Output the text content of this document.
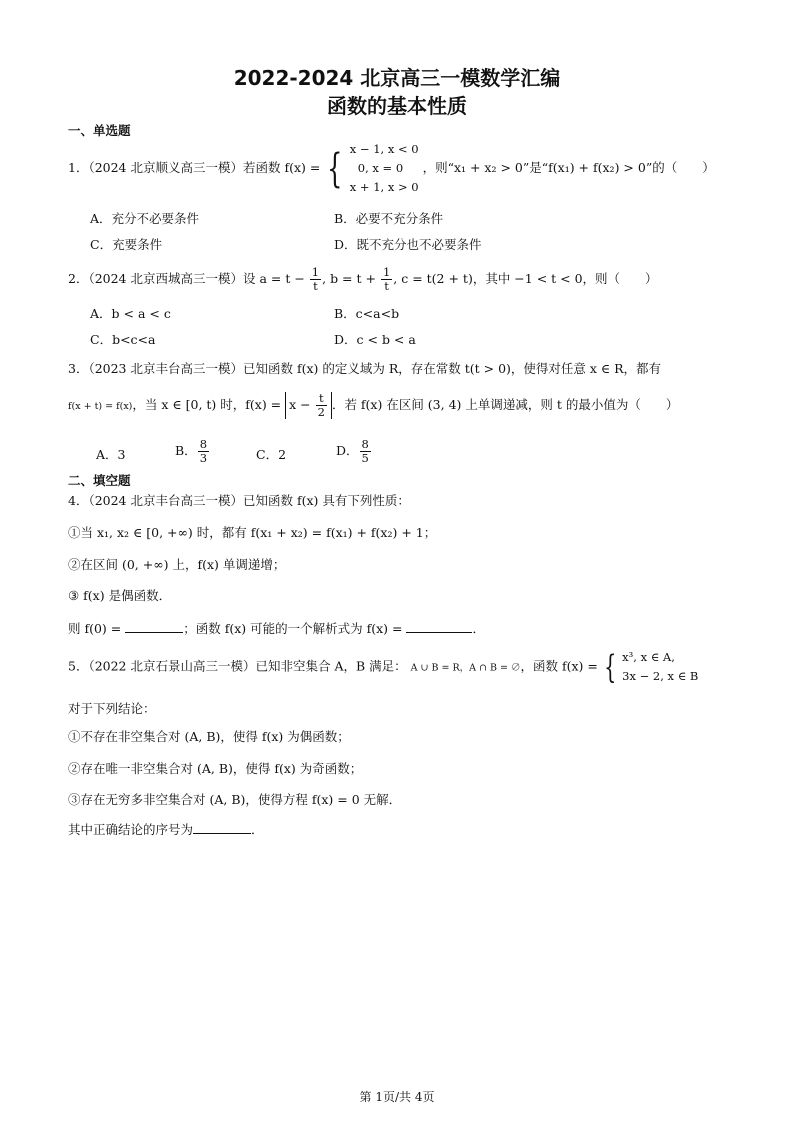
2022-2024 北京高三一模数学汇编
函数的基本性质
一、单选题
1．（2024 北京顺义高三一模）若函数 f(x) = { x − 1, x < 0
0, x = 0
x + 1, x > 0
，则“x₁ + x₂ > 0”是“f(x₁) + f(x₂) > 0”的（　　）
A．充分不必要条件	B．必要不充分条件
C．充要条件	D．既不充分也不必要条件
2．（2024 北京西城高三一模）设 $a = t - \frac{1}{t}$ , $b = t + \frac{1}{t}$ , c = t(2 + t)，其中 −1 < t < 0，则（　　）
A．b < a < c	B．c<a<b
C．b<c<a	D．c < b < a
3．（2023 北京丰台高三一模）已知函数 f(x) 的定义域为 R，存在常数 t(t > 0)，使得对任意 x ∈ R，都有
f(x + t) = f(x)，当 x ∈ [0, t) 时，$f(x) = x - \frac{t}{2}$ ．若 f(x) 在区间 (3, 4) 上单调递减，则 t 的最小值为（　　）
A．3	B． $\frac{8}{3}$	C．2	D． $\frac{8}{5}$
二、填空题
4．（2024 北京丰台高三一模）已知函数 f(x) 具有下列性质：
①当 x₁, x₂ ∈ [0, +∞) 时，都有 f(x₁ + x₂) = f(x₁) + f(x₂) + 1；
②在区间 (0, +∞) 上，f(x) 单调递增；
③ f(x) 是偶函数．
则 f(0) =	；函数 f(x) 可能的一个解析式为 f(x) =	．
5．（2022 北京石景山高三一模）已知非空集合 A，B 满足： A ∪ B = R，A ∩ B = ∅，函数 f(x) = { x³, x ∈ A,
3x − 2, x ∈ B
对于下列结论：
①不存在非空集合对 (A, B)，使得 f(x) 为偶函数；
②存在唯一非空集合对 (A, B)，使得 f(x) 为奇函数；
③存在无穷多非空集合对 (A, B)，使得方程 f(x) = 0 无解．
其中正确结论的序号为	．
第 1页/共 4页
